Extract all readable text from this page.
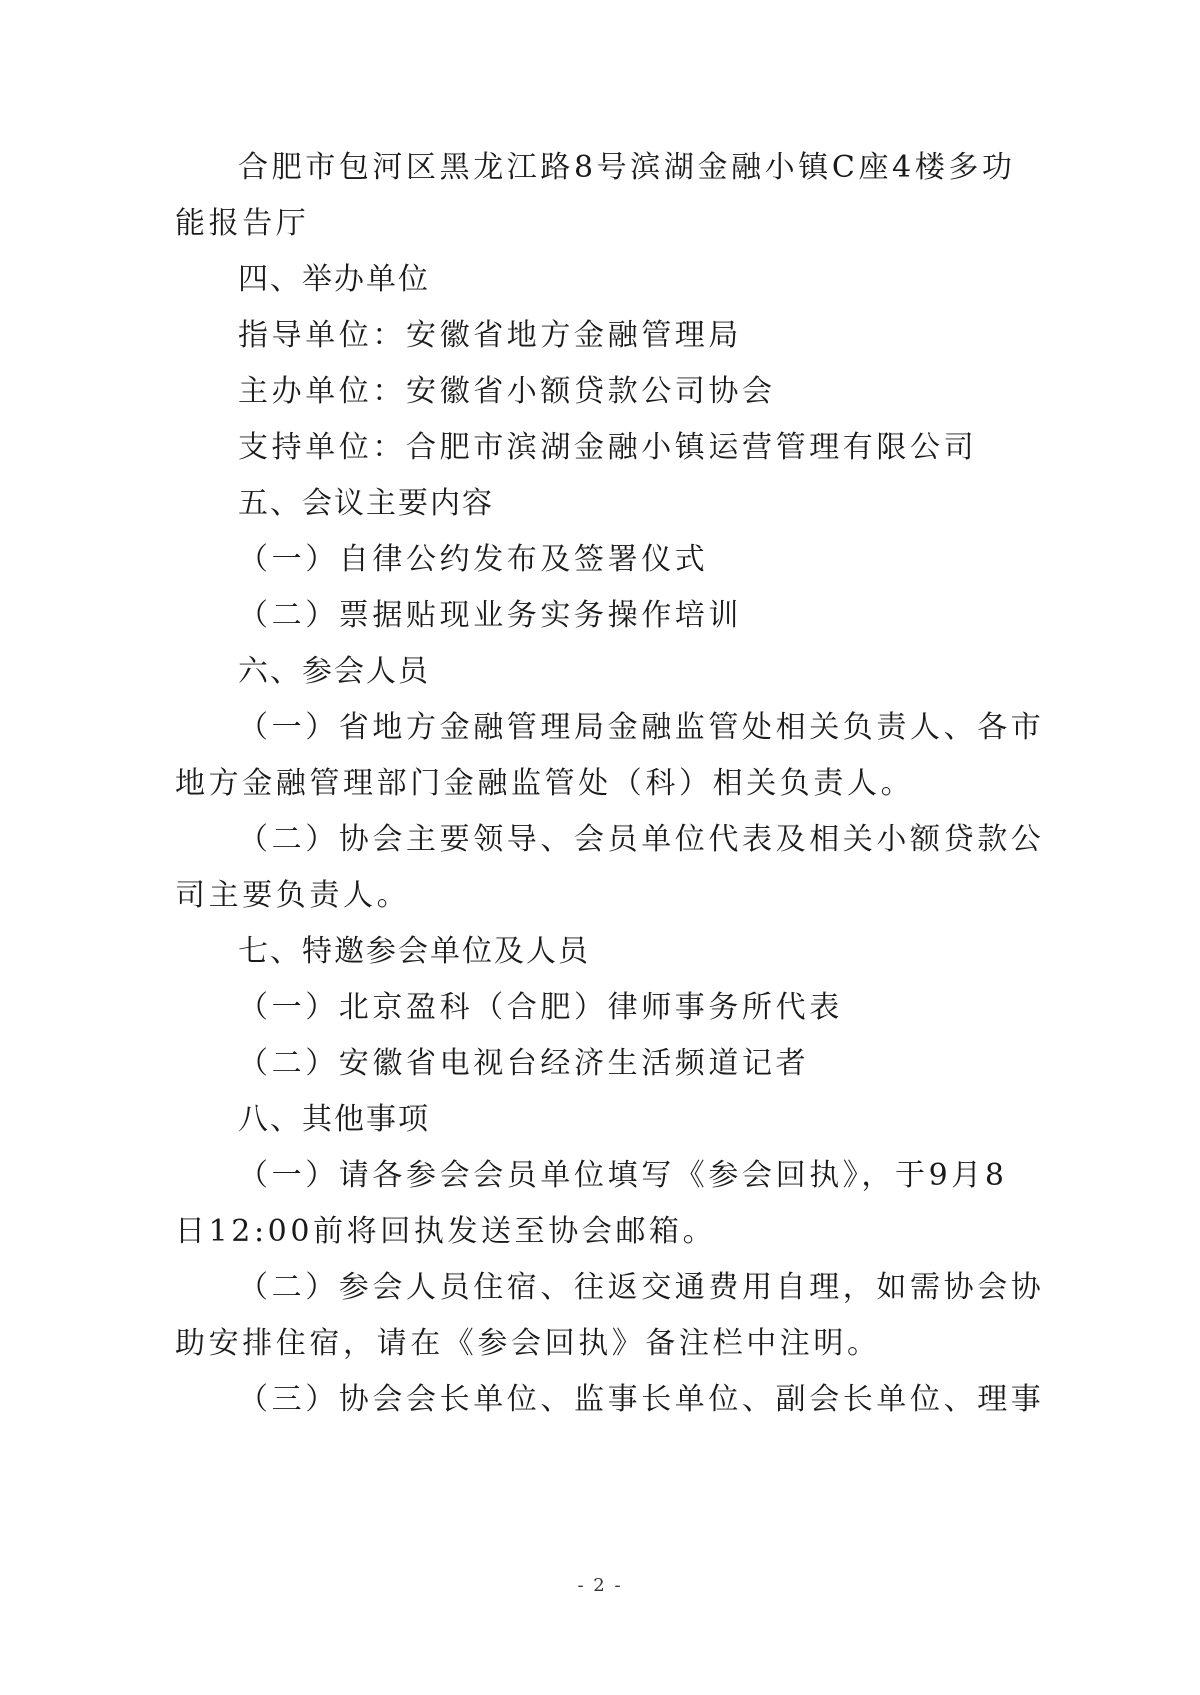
合肥市包河区黑龙江路8号滨湖金融小镇C座4楼多功
能报告厅
四、举办单位
指导单位：安徽省地方金融管理局
主办单位：安徽省小额贷款公司协会
支持单位：合肥市滨湖金融小镇运营管理有限公司
五、会议主要内容
（一）自律公约发布及签署仪式
（二）票据贴现业务实务操作培训
六、参会人员
（一）省地方金融管理局金融监管处相关负责人、各市
地方金融管理部门金融监管处（科）相关负责人。
（二）协会主要领导、会员单位代表及相关小额贷款公
司主要负责人。
七、特邀参会单位及人员
（一）北京盈科（合肥）律师事务所代表
（二）安徽省电视台经济生活频道记者
八、其他事项
（一）请各参会会员单位填写《参会回执》，于9月8
日12:00前将回执发送至协会邮箱。
（二）参会人员住宿、往返交通费用自理，如需协会协
助安排住宿，请在《参会回执》备注栏中注明。
（三）协会会长单位、监事长单位、副会长单位、理事
- 2 -
